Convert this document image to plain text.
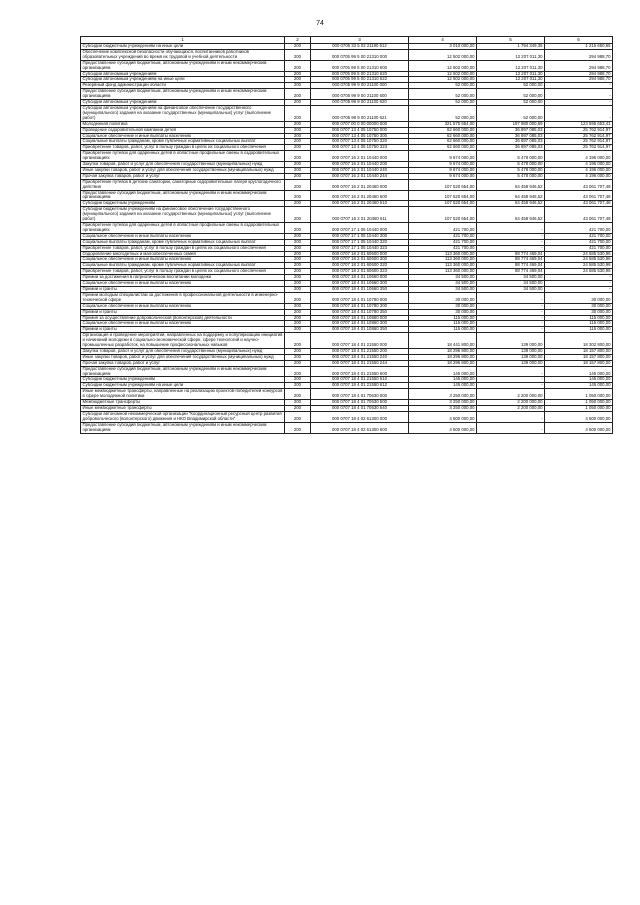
74
1	2	3	4	5	6
Субсидии бюджетным учреждениям на иные цели	200	000 0705 33 5 02 21190 612	3 010 000,00	1 794 349,35	1 215 650,65
Обеспечение комплексной безопасности обучающихся, воспитанников работников образовательных учреждений во время их трудовой и учебной деятельности	200	000 0705 99 5 00 21310 000	12 502 000,00	12 207 011,30	294 988,70
Предоставление субсидий бюджетным, автономным учреждениям и иным некоммерческим организациям	200	000 0705 99 5 00 21310 600	12 502 000,00	12 207 011,30	294 988,70
Субсидии автономным учреждениям	200	000 0705 99 5 00 21310 620	12 502 000,00	12 207 011,30	294 988,70
Субсидии автономным учреждениям на иные цели	200	000 0705 99 5 00 21310 622	12 502 000,00	12 207 011,30	294 988,70
Резервный фонд администрации области	200	000 0705 99 9 00 21100 000	52 000,00	52 000,00	-
Предоставление субсидий бюджетным, автономным учреждениям и иным некоммерческим организациям	200	000 0705 99 9 00 21100 600	52 000,00	52 000,00	-
Субсидии автономным учреждениям	200	000 0705 99 9 00 21100 620	52 000,00	52 000,00	-
Субсидии автономным учреждениям на финансовое обеспечение государственного (муниципального) задания на оказание государственных (муниципальных) услуг (выполнение работ)	200	000 0705 99 9 00 21100 621	52 000,00	52 000,00	-
Молодежная политика	200	000 0707 00 0 00 00000 000	321 575 654,00	197 980 000,59	123 595 653,41
Проведение оздоровительной кампании детей	200	000 0707 13 4 05 10750 000	62 660 000,00	36 897 085,03	25 762 914,97
Социальное обеспечение и иные выплаты населению	200	000 0707 13 4 05 10750 300	62 660 000,00	36 897 085,03	25 762 914,97
Социальные выплаты гражданам, кроме публичных нормативных социальных выплат	200	000 0707 13 4 05 10750 320	62 660 000,00	36 897 085,03	25 762 914,97
Приобретение товаров, работ, услуг в пользу граждан в целях их социального обеспечения	200	000 0707 13 4 05 10750 323	62 660 000,00	36 897 085,03	25 762 914,97
Приобретение путевок для одаренных детей в областные профильные смены в оздоровительных организациях	200	000 0707 16 2 01 10440 000	9 674 000,00	5 478 000,00	4 196 000,00
Закупка товаров, работ и услуг для обеспечения государственных (муниципальных) нужд	200	000 0707 16 2 01 10440 200	9 674 000,00	5 478 000,00	4 196 000,00
Иные закупки товаров, работ и услуг для обеспечения государственных (муниципальных) нужд	200	000 0707 16 2 01 10440 240	9 674 000,00	5 478 000,00	4 196 000,00
Прочая закупка товаров, работ и услуг	200	000 0707 16 2 01 10440 244	9 674 000,00	5 478 000,00	4 196 000,00
Приобретение путевок в детские санатории, санаторные оздоровительные лагеря круглогодичного действия	200	000 0707 16 2 01 20460 000	107 520 654,00	64 458 946,52	43 061 707,48
Предоставление субсидий бюджетным, автономным учреждениям и иным некоммерческим организациям	200	000 0707 16 2 01 20460 600	107 520 654,00	64 458 946,52	43 061 707,48
Субсидии бюджетным учреждениям	200	000 0707 16 2 01 20460 610	107 520 654,00	64 458 946,52	43 061 707,48
Субсидии бюджетным учреждениям на финансовое обеспечение государственного (муниципального) задания на оказание государственных (муниципальных) услуг (выполнение работ)	200	000 0707 16 2 01 20460 611	107 520 654,00	64 458 946,52	43 061 707,48
Приобретение путевок для одаренных детей в областные профильные смены в оздоровительных организациях	200	000 0707 17 1 05 10440 000	421 700,00	-	421 700,00
Социальное обеспечение и иные выплаты населению	200	000 0707 17 1 05 10440 300	421 700,00	-	421 700,00
Социальные выплаты гражданам, кроме публичных нормативных социальных выплат	200	000 0707 17 1 05 10440 320	421 700,00	-	421 700,00
Приобретение товаров, работ, услуг в пользу граждан в целях их социального обеспечения	200	000 0707 17 1 05 10440 323	421 700,00	-	421 700,00
Оздоровление многодетных и малообеспеченных семей	200	000 0707 18 2 01 60600 000	113 360 000,00	88 774 469,04	24 585 530,96
Социальное обеспечение и иные выплаты населению	200	000 0707 18 2 01 60600 300	113 360 000,00	88 774 469,04	24 585 530,96
Социальные выплаты гражданам, кроме публичных нормативных социальных выплат	200	000 0707 18 2 01 60600 320	113 360 000,00	88 774 469,04	24 585 530,96
Приобретение товаров, работ, услуг в пользу граждан в целях их социального обеспечения	200	000 0707 18 2 01 60600 323	113 360 000,00	88 774 469,04	24 585 530,96
Премии за достижения в патриотическом воспитании молодежи	200	000 0707 18 4 01 10660 000	34 500,00	34 500,00	-
Социальное обеспечение и иные выплаты населению	200	000 0707 18 4 01 10660 300	34 500,00	34 500,00	-
Премии и гранты	200	000 0707 18 4 01 10660 350	34 500,00	34 500,00	-
Премии молодым специалистам за достижения в профессиональной деятельности в инженерно-технической сфере	200	000 0707 18 4 01 10780 000	30 000,00	-	30 000,00
Социальное обеспечение и иные выплаты населению	200	000 0707 18 4 01 10780 300	30 000,00	-	30 000,00
Премии и гранты	200	000 0707 18 4 01 10780 350	30 000,00	-	30 000,00
Премия за осуществление добровольческой (волонтерской) деятельности	200	000 0707 18 4 01 10860 000	115 000,00	-	115 000,00
Социальное обеспечение и иные выплаты населению	200	000 0707 18 4 01 10860 300	115 000,00	-	115 000,00
Премии и гранты	200	000 0707 18 4 01 10860 350	115 000,00	-	115 000,00
Организация и проведение мероприятий, направленных на поддержку и популяризацию инициатив и начинаний молодежи в социально-экономической сфере, сфере технологий и научно-промышленных разработок, на повышение профессиональных навыков	200	000 0707 18 4 01 21550 000	18 441 800,00	139 000,00	18 302 800,00
Закупка товаров, работ и услуг для обеспечения государственных (муниципальных) нужд	200	000 0707 18 4 01 21550 200	18 296 800,00	139 000,00	18 157 800,00
Иные закупки товаров, работ и услуг для обеспечения государственных (муниципальных) нужд	200	000 0707 18 4 01 21550 240	18 296 800,00	139 000,00	18 157 800,00
Прочая закупка товаров, работ и услуг	200	000 0707 18 4 01 21550 244	18 296 800,00	139 000,00	18 157 800,00
Предоставление субсидий бюджетным, автономным учреждениям и иным некоммерческим организациям	200	000 0707 18 4 01 21550 600	145 000,00	-	145 000,00
Субсидии бюджетным учреждениям	200	000 0707 18 4 01 21550 610	145 000,00	-	145 000,00
Субсидии бюджетным учреждениям на иные цели	200	000 0707 18 4 01 21550 612	145 000,00	-	145 000,00
Иные межбюджетные трансферты, направленные на реализацию проектов-победителей конкурсов в сфере молодежной политики	200	000 0707 18 4 01 70630 000	3 250 000,00	2 200 000,00	1 050 000,00
Межбюджетные трансферты	200	000 0707 18 4 01 70630 500	3 250 000,00	2 200 000,00	1 050 000,00
Иные межбюджетные трансферты	200	000 0707 18 4 01 70630 540	3 250 000,00	2 200 000,00	1 050 000,00
Субсидии автономной некоммерческой организации "Координационный ресурсный центр развития добровольческого (волонтерского) движения и НКО Владимирской области"	200	000 0707 18 4 02 61300 000	4 500 000,00	-	4 500 000,00
Предоставление субсидий бюджетным, автономным учреждениям и иным некоммерческим организациям	200	000 0707 18 4 02 61300 600	4 500 000,00	-	4 500 000,00
